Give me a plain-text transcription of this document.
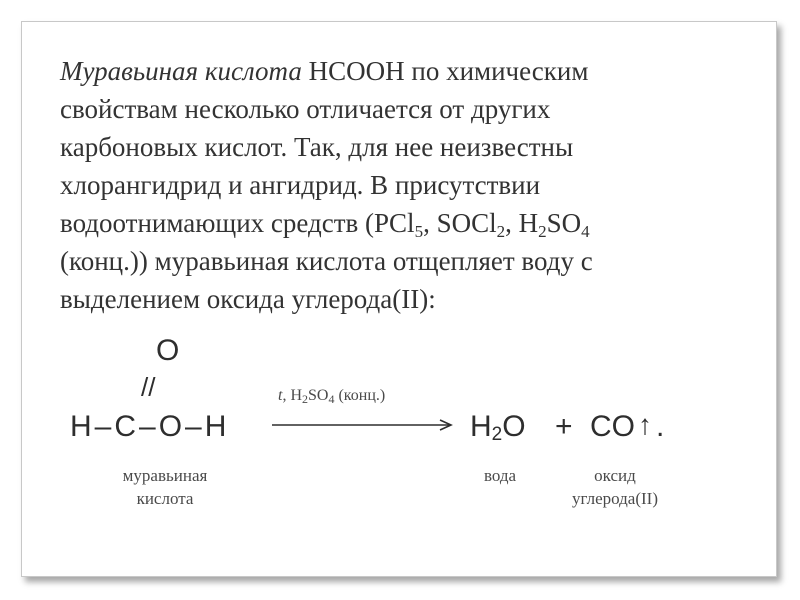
Муравьиная кислота HCOOH по химическим
свойствам несколько отличается от других
карбоновых кислот. Так, для нее неизвестны
хлорангидрид и ангидрид. В присутствии
водоотнимающих средств (PCl$_5$, SOCl$_2$, $H_2SO_4$
(конц.)) муравьиная кислота отщепляет воду с
выделением оксида углерода(II):
O
//
H–C–O–H
t, $H_2SO_4$ (конц.)
$H_2O$ + CO ↑ .
муравьиная
кислота
вода	оксид
углерода(II)
